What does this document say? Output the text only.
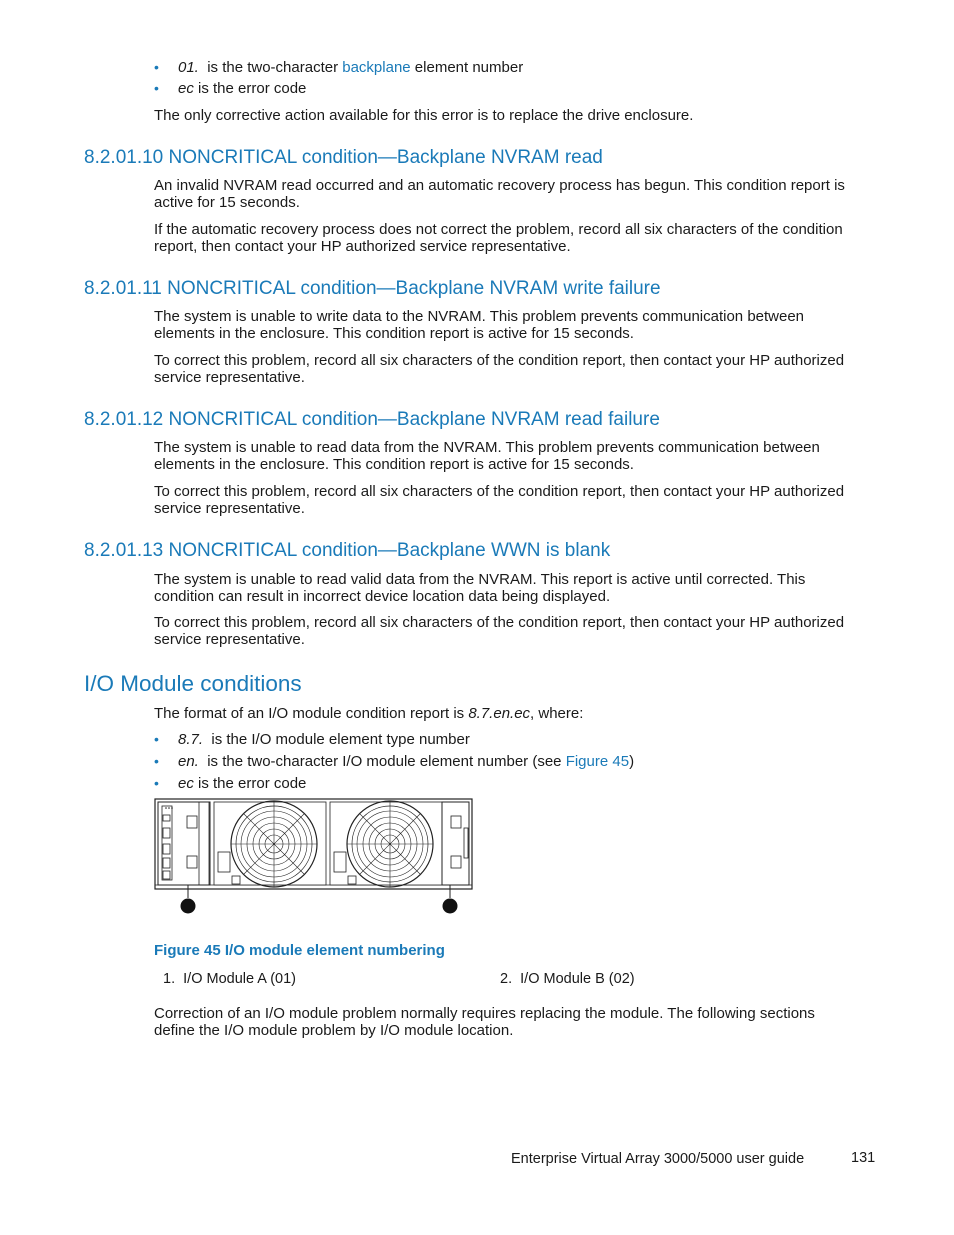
• 01.  is the two-character backplane element number
• ec is the error code
The only corrective action available for this error is to replace the drive enclosure.
8.2.01.10 NONCRITICAL condition—Backplane NVRAM read
An invalid NVRAM read occurred and an automatic recovery process has begun. This condition report is
active for 15 seconds.
If the automatic recovery process does not correct the problem, record all six characters of the condition
report, then contact your HP authorized service representative.
8.2.01.11 NONCRITICAL condition—Backplane NVRAM write failure
The system is unable to write data to the NVRAM. This problem prevents communication between
elements in the enclosure. This condition report is active for 15 seconds.
To correct this problem, record all six characters of the condition report, then contact your HP authorized
service representative.
8.2.01.12 NONCRITICAL condition—Backplane NVRAM read failure
The system is unable to read data from the NVRAM. This problem prevents communication between
elements in the enclosure. This condition report is active for 15 seconds.
To correct this problem, record all six characters of the condition report, then contact your HP authorized
service representative.
8.2.01.13 NONCRITICAL condition—Backplane WWN is blank
The system is unable to read valid data from the NVRAM. This report is active until corrected. This
condition can result in incorrect device location data being displayed.
To correct this problem, record all six characters of the condition report, then contact your HP authorized
service representative.
I/O Module conditions
The format of an I/O module condition report is 8.7.en.ec, where:
• 8.7.  is the I/O module element type number
• en.  is the two-character I/O module element number (see Figure 45)
• ec is the error code
Figure 45 I/O module element numbering
1.  I/O Module A (01)	2.  I/O Module B (02)
Correction of an I/O module problem normally requires replacing the module. The following sections
define the I/O module problem by I/O module location.
Enterprise Virtual Array 3000/5000 user guide	131
